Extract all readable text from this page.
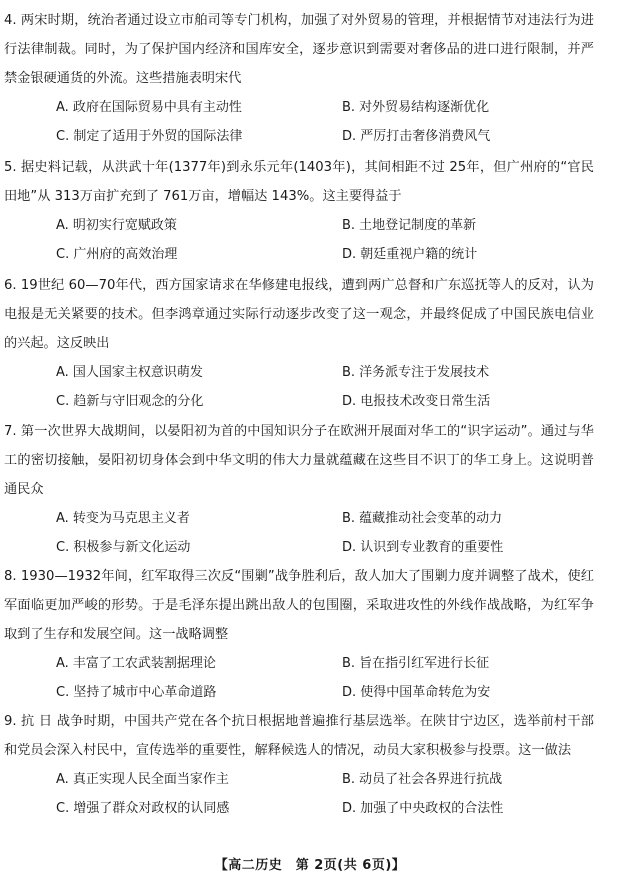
4. 两宋时期，统治者通过设立市舶司等专门机构，加强了对外贸易的管理，并根据情节对违法行为进行法律制裁。同时，为了保护国内经济和国库安全，逐步意识到需要对奢侈品的进口进行限制，并严禁金银硬通货的外流。这些措施表明宋代

A. 政府在国际贸易中具有主动性	B. 对外贸易结构逐渐优化
C. 制定了适用于外贸的国际法律	D. 严厉打击奢侈消费风气

5. 据史料记载，从洪武十年(1377年)到永乐元年(1403年)，其间相距不过 25年，但广州府的“官民田地”从 313万亩扩充到了 761万亩，增幅达 143%。这主要得益于

A. 明初实行宽赋政策	B. 土地登记制度的革新
C. 广州府的高效治理	D. 朝廷重视户籍的统计

6. 19世纪 60—70年代，西方国家请求在华修建电报线，遭到两广总督和广东巡抚等人的反对，认为电报是无关紧要的技术。但李鸿章通过实际行动逐步改变了这一观念，并最终促成了中国民族电信业的兴起。这反映出

A. 国人国家主权意识萌发	B. 洋务派专注于发展技术
C. 趋新与守旧观念的分化	D. 电报技术改变日常生活

7. 第一次世界大战期间，以晏阳初为首的中国知识分子在欧洲开展面对华工的“识字运动”。通过与华工的密切接触，晏阳初切身体会到中华文明的伟大力量就蕴藏在这些目不识丁的华工身上。这说明普通民众

A. 转变为马克思主义者	B. 蕴藏推动社会变革的动力
C. 积极参与新文化运动	D. 认识到专业教育的重要性

8. 1930—1932年间，红军取得三次反“围剿”战争胜利后，敌人加大了围剿力度并调整了战术，使红军面临更加严峻的形势。于是毛泽东提出跳出敌人的包围圈，采取进攻性的外线作战战略，为红军争取到了生存和发展空间。这一战略调整

A. 丰富了工农武装割据理论	B. 旨在指引红军进行长征
C. 坚持了城市中心革命道路	D. 使得中国革命转危为安

9. 抗 日 战争时期，中国共产党在各个抗日根据地普遍推行基层选举。在陕甘宁边区，选举前村干部和党员会深入村民中，宣传选举的重要性，解释候选人的情况，动员大家积极参与投票。这一做法

A. 真正实现人民全面当家作主	B. 动员了社会各界进行抗战
C. 增强了群众对政权的认同感	D. 加强了中央政权的合法性
【高二历史　第 2页(共 6页)】
